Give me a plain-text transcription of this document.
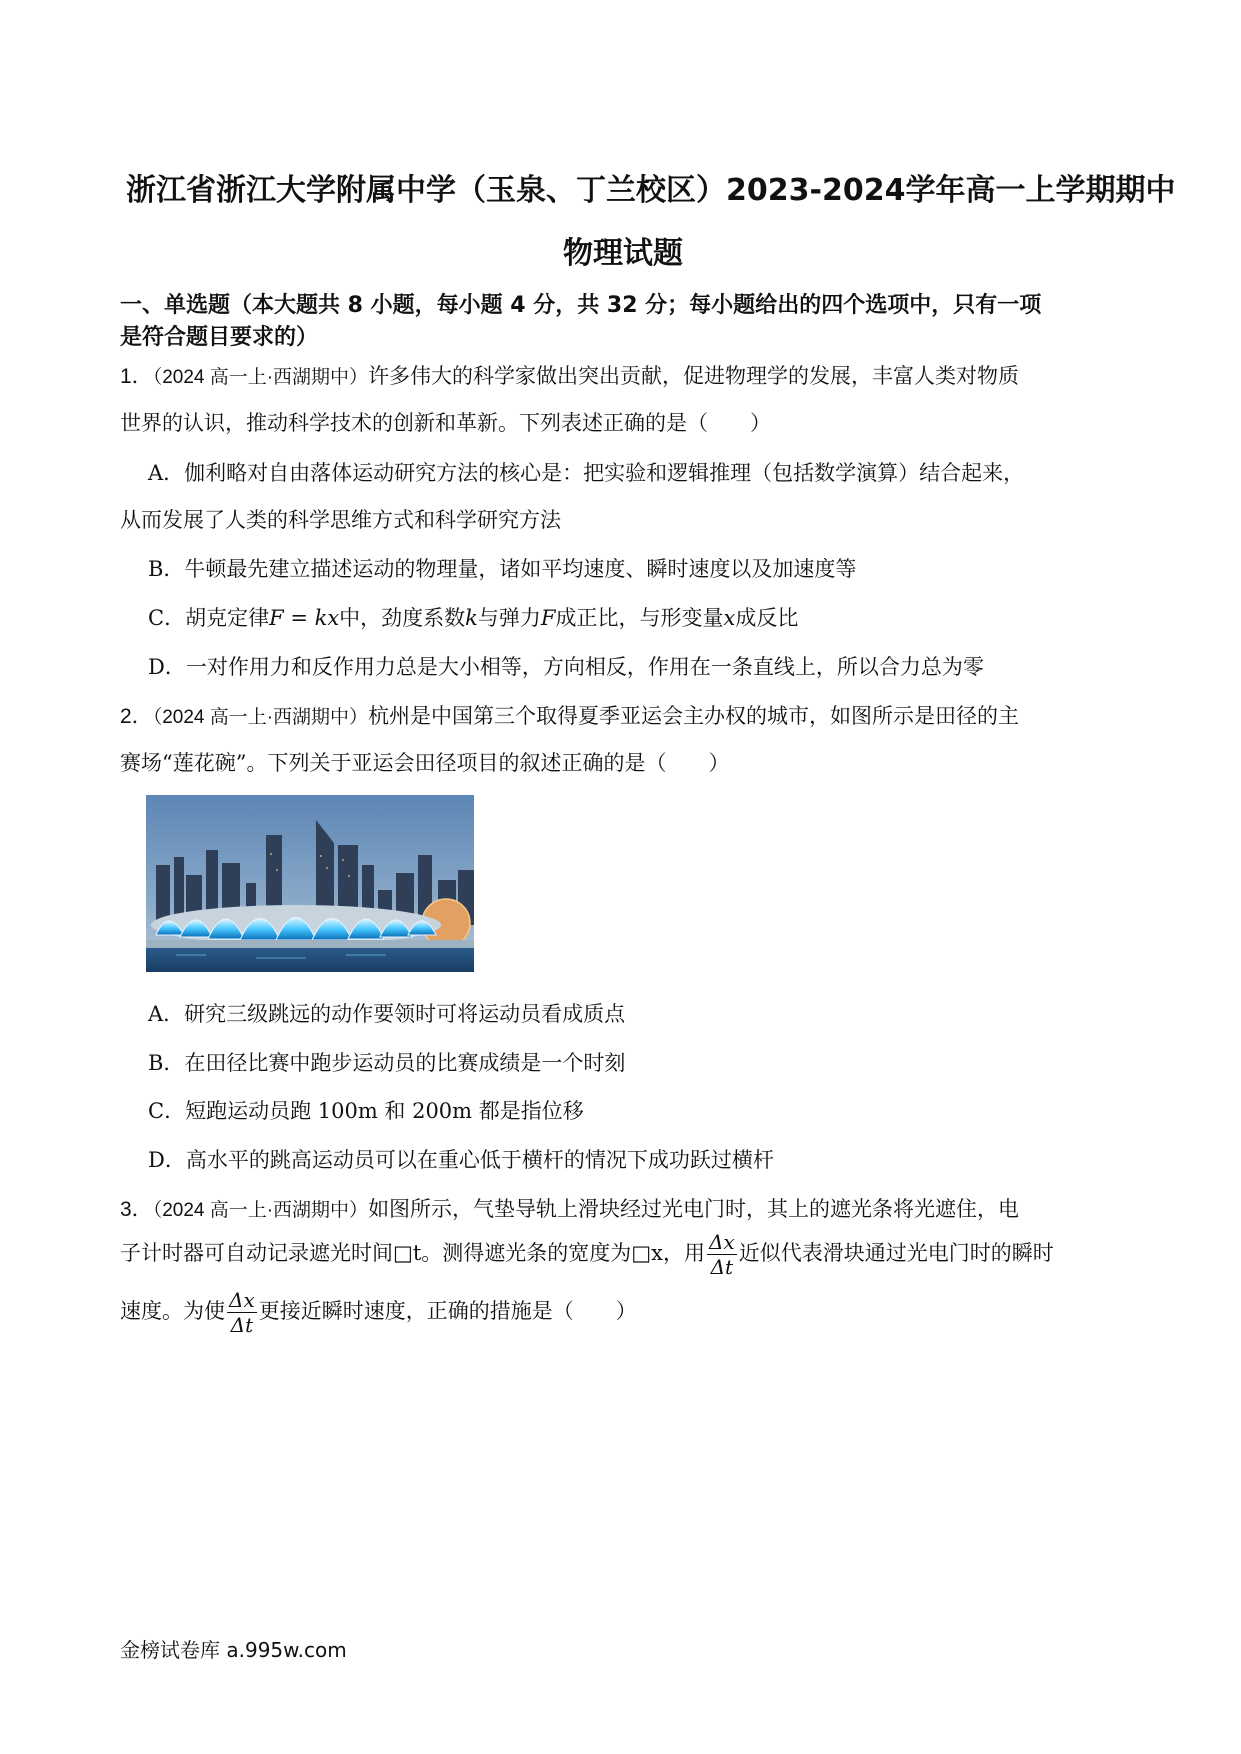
浙江省浙江大学附属中学（玉泉、丁兰校区）2023-2024学年高一上学期期中
物理试题
一、单选题（本大题共 8 小题，每小题 4 分，共 32 分；每小题给出的四个选项中，只有一项
是符合题目要求的）
1．（2024 高一上·西湖期中）许多伟大的科学家做出突出贡献，促进物理学的发展，丰富人类对物质
世界的认识，推动科学技术的创新和革新。下列表述正确的是（　　）
A．伽利略对自由落体运动研究方法的核心是：把实验和逻辑推理（包括数学演算）结合起来，
从而发展了人类的科学思维方式和科学研究方法
B．牛顿最先建立描述运动的物理量，诸如平均速度、瞬时速度以及加速度等
C．胡克定律F = kx中，劲度系数k与弹力F成正比，与形变量x成反比
D．一对作用力和反作用力总是大小相等，方向相反，作用在一条直线上，所以合力总为零
2．（2024 高一上·西湖期中）杭州是中国第三个取得夏季亚运会主办权的城市，如图所示是田径的主
赛场“莲花碗”。下列关于亚运会田径项目的叙述正确的是（　　）
A．研究三级跳远的动作要领时可将运动员看成质点
B．在田径比赛中跑步运动员的比赛成绩是一个时刻
C．短跑运动员跑 100m 和 200m 都是指位移
D．高水平的跳高运动员可以在重心低于横杆的情况下成功跃过横杆
3．（2024 高一上·西湖期中）如图所示，气垫导轨上滑块经过光电门时，其上的遮光条将光遮住，电
子计时器可自动记录遮光时间□t。测得遮光条的宽度为□x，用 $\frac{\Delta x}{\Delta t}$ 近似代表滑块通过光电门时的瞬时
速度。为使 $\frac{\Delta x}{\Delta t}$ 更接近瞬时速度，正确的措施是（　　）
金榜试卷库 a.995w.com
